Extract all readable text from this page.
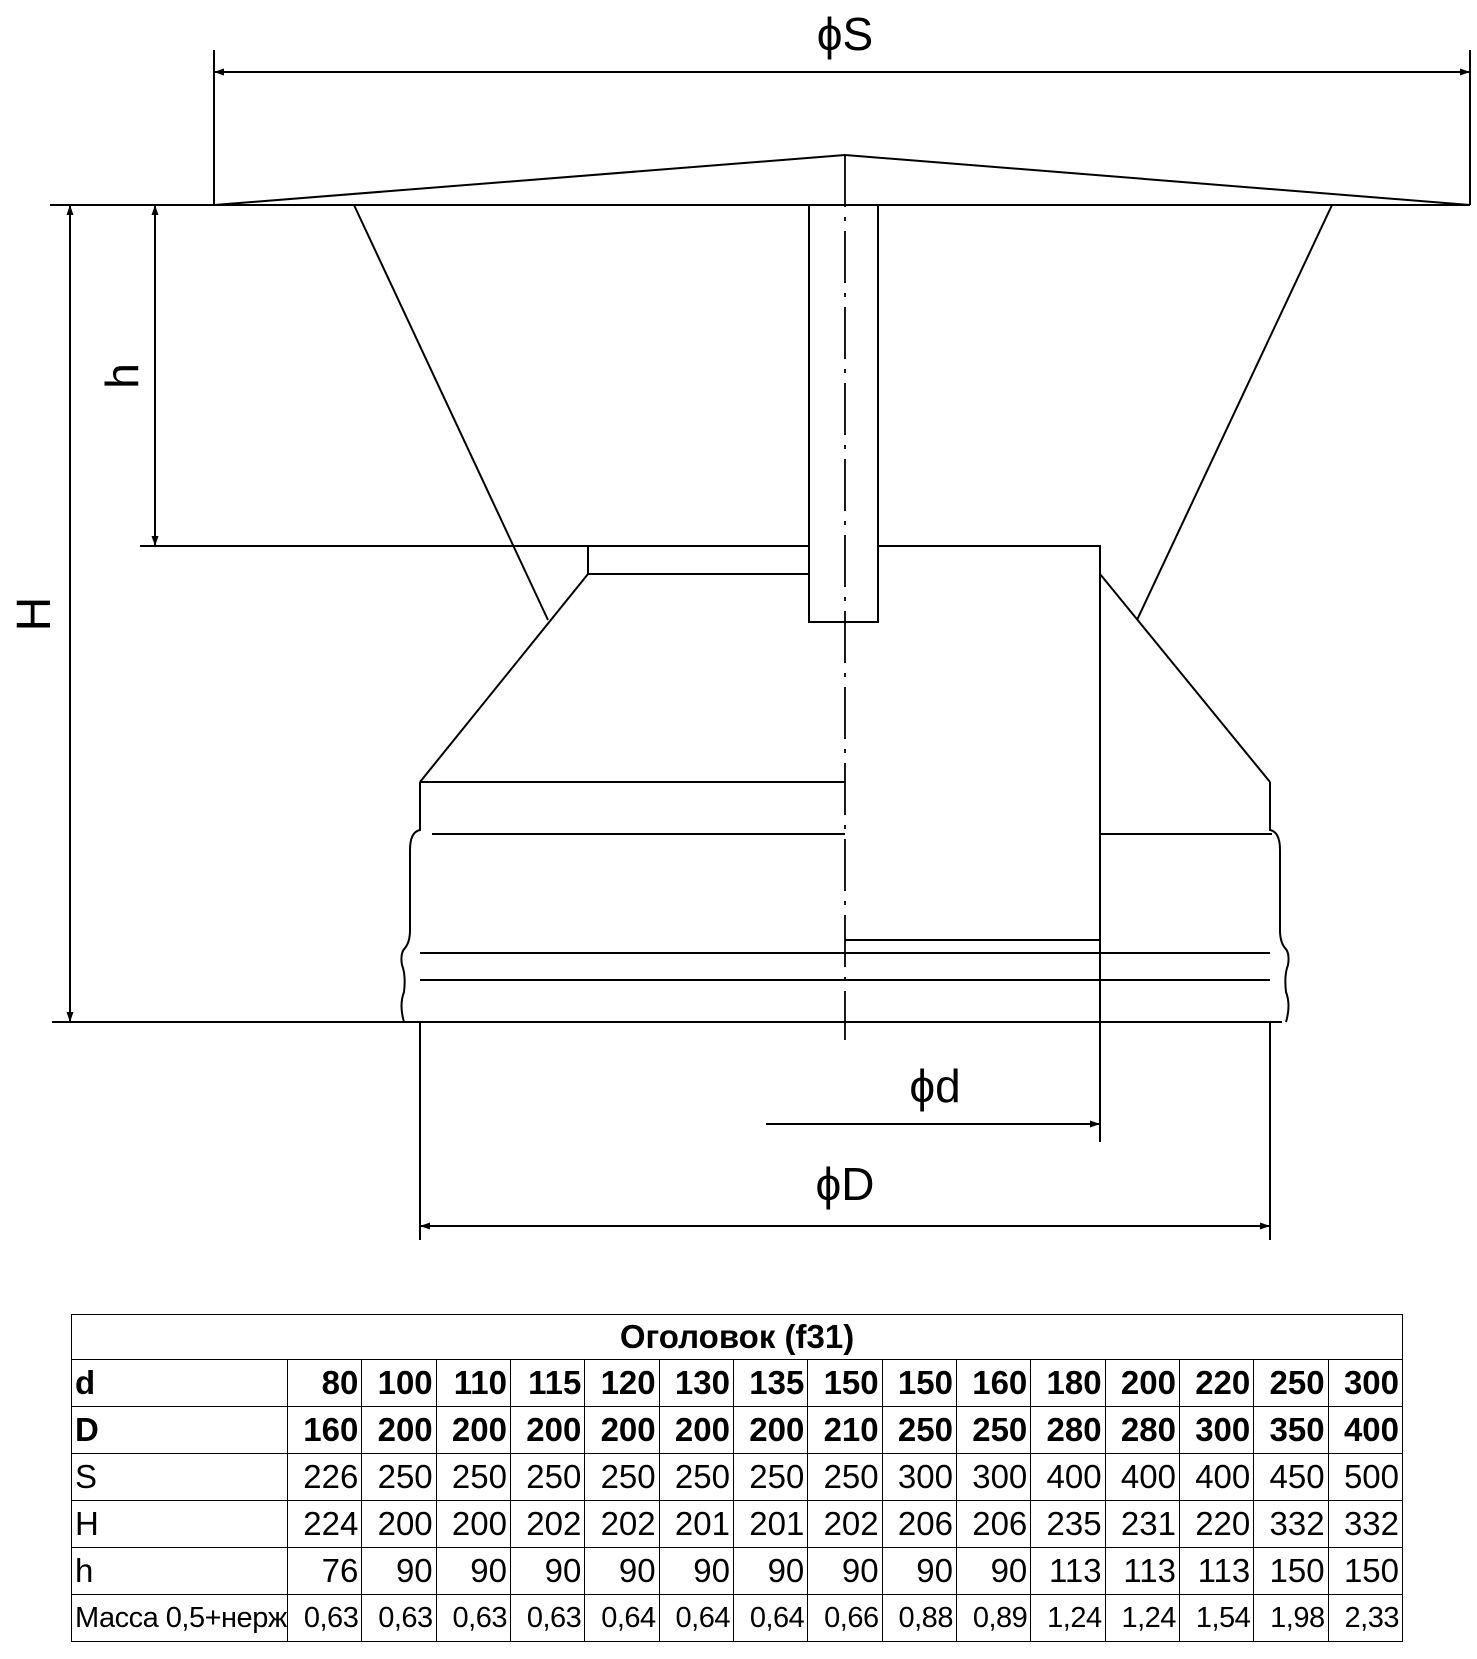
ϕS
h
H
ϕd
ϕD
Оголовок (f31)															
d	80	100	110	115	120	130	135	150	150	160	180	200	220	250	300
D	160	200	200	200	200	200	200	210	250	250	280	280	300	350	400
S	226	250	250	250	250	250	250	250	300	300	400	400	400	450	500
H	224	200	200	202	202	201	201	202	206	206	235	231	220	332	332
h	76	90	90	90	90	90	90	90	90	90	113	113	113	150	150
Масса 0,5+нерж	0,63	0,63	0,63	0,63	0,64	0,64	0,64	0,66	0,88	0,89	1,24	1,24	1,54	1,98	2,33
